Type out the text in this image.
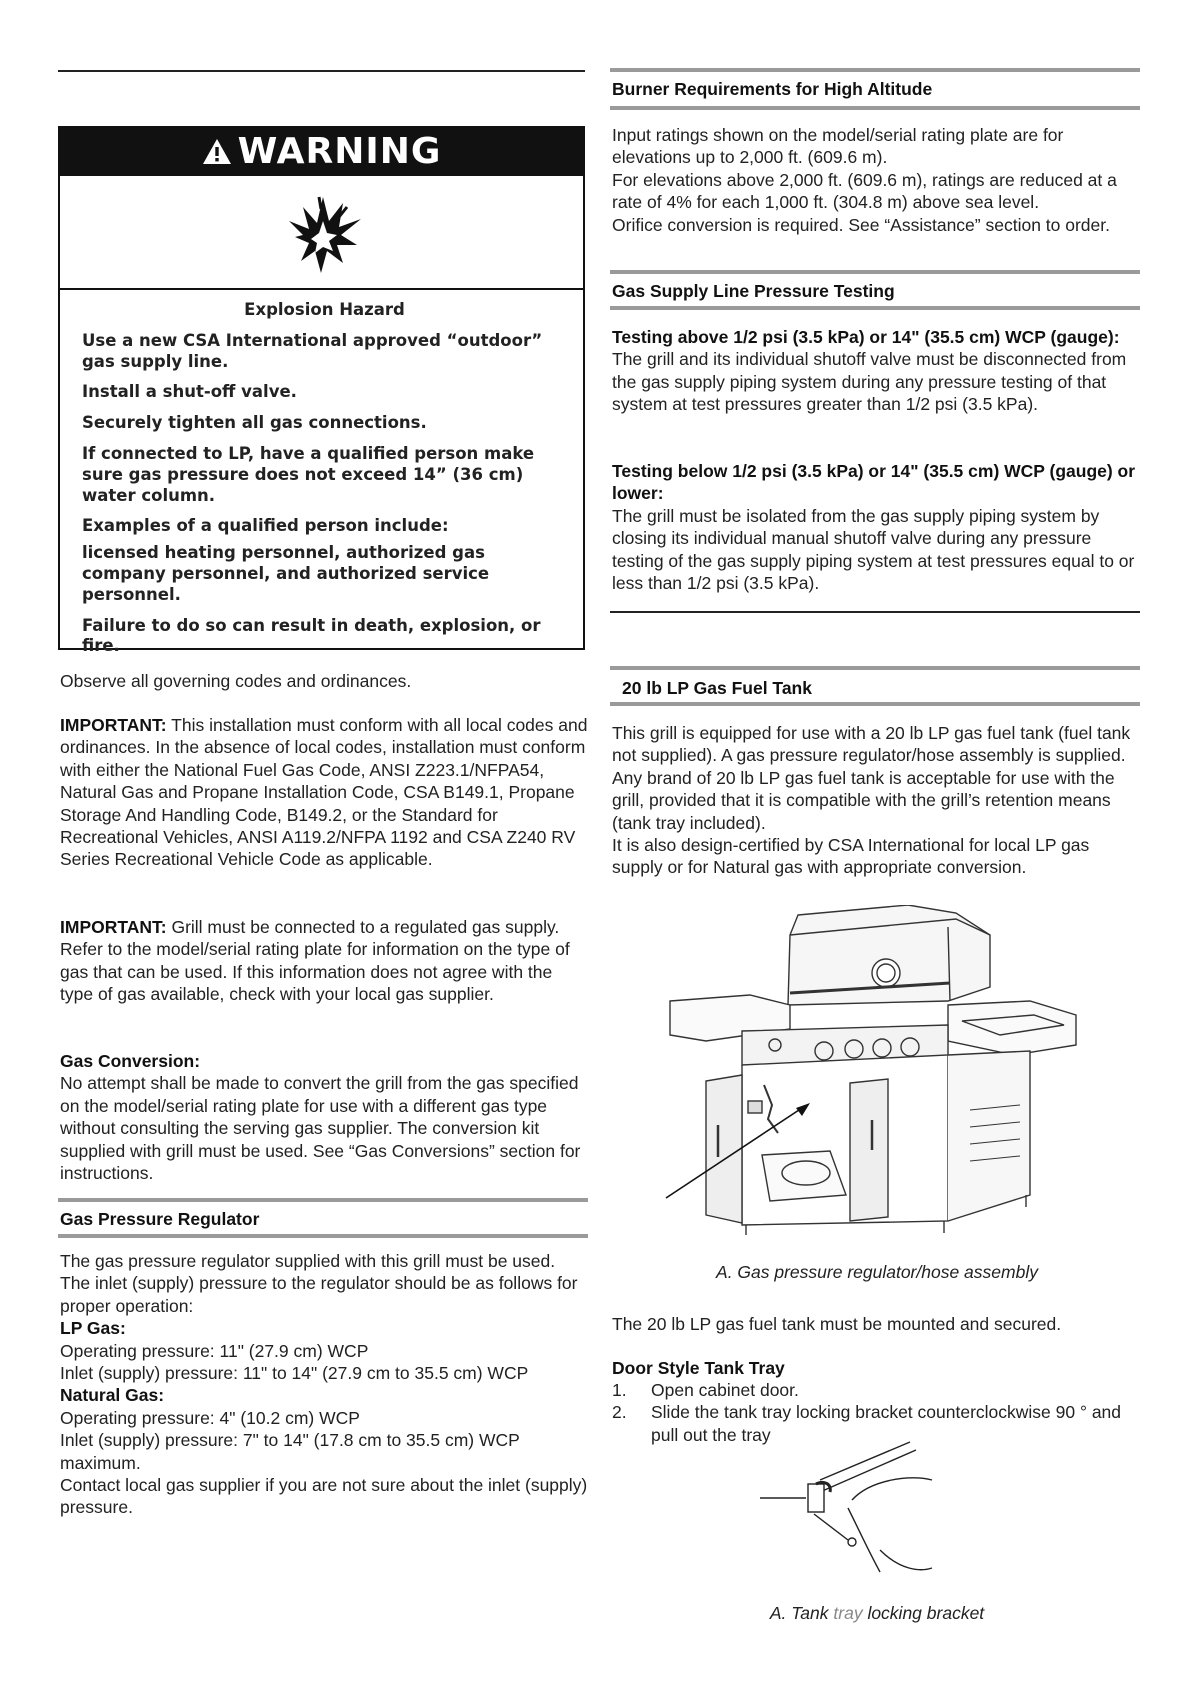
WARNING
Explosion Hazard
Use a new CSA International approved “outdoor” gas supply line.
Install a shut-off valve.
Securely tighten all gas connections.
If connected to LP, have a qualified person make sure gas pressure does not exceed 14” (36 cm) water column.
Examples of a qualified person include:
licensed heating personnel, authorized gas company personnel, and authorized service personnel.
Failure to do so can result in death, explosion, or fire.
Observe all governing codes and ordinances.
IMPORTANT: This installation must conform with all local codes and ordinances. In the absence of local codes, installation must conform with either the National Fuel Gas Code, ANSI Z223.1/NFPA54, Natural Gas and Propane Installation Code, CSA B149.1, Propane Storage And Handling Code, B149.2, or the Standard for Recreational Vehicles, ANSI A119.2/NFPA 1192 and CSA Z240 RV Series Recreational Vehicle Code as applicable.
IMPORTANT: Grill must be connected to a regulated gas supply. Refer to the model/serial rating plate for information on the type of gas that can be used. If this information does not agree with the type of gas available, check with your local gas supplier.
Gas Conversion:

No attempt shall be made to convert the grill from the gas specified on the model/serial rating plate for use with a different gas type without consulting the serving gas supplier. The conversion kit supplied with grill must be used. See “Gas Conversions” section for instructions.

Gas Pressure Regulator

The gas pressure regulator supplied with this grill must be used.

The inlet (supply) pressure to the regulator should be as follows for proper operation:

LP Gas:

Operating pressure: 11" (27.9 cm) WCP

Inlet (supply) pressure: 11" to 14" (27.9 cm to 35.5 cm) WCP

Natural Gas:

Operating pressure: 4" (10.2 cm) WCP

Inlet (supply) pressure: 7" to 14" (17.8 cm to 35.5 cm) WCP maximum.

Contact local gas supplier if you are not sure about the inlet (supply) pressure.

Burner Requirements for High Altitude

Input ratings shown on the model/serial rating plate are for elevations up to 2,000 ft. (609.6 m).

For elevations above 2,000 ft. (609.6 m), ratings are reduced at a rate of 4% for each 1,000 ft. (304.8 m) above sea level.

Orifice conversion is required. See “Assistance” section to order.

Gas Supply Line Pressure Testing
Testing above 1/2 psi (3.5 kPa) or 14" (35.5 cm) WCP (gauge):

The grill and its individual shutoff valve must be disconnected from the gas supply piping system during any pressure testing of that system at test pressures greater than 1/2 psi (3.5 kPa).

Testing below 1/2 psi (3.5 kPa) or 14" (35.5 cm) WCP (gauge) or lower:

The grill must be isolated from the gas supply piping system by closing its individual manual shutoff valve during any pressure testing of the gas supply piping system at test pressures equal to or less than 1/2 psi (3.5 kPa).

20 lb LP Gas Fuel Tank

This grill is equipped for use with a 20 lb LP gas fuel tank (fuel tank not supplied). A gas pressure regulator/hose assembly is supplied.

Any brand of 20 lb LP gas fuel tank is acceptable for use with the grill, provided that it is compatible with the grill’s retention means (tank tray included).

It is also design-certified by CSA International for local LP gas supply or for Natural gas with appropriate conversion.

A. Gas pressure regulator/hose assembly
The 20 lb LP gas fuel tank must be mounted and secured.
Door Style Tank Tray
1.	Open cabinet door.
2.	Slide the tank tray locking bracket counterclockwise 90 ° and pull out the tray
A. Tank tray locking bracket
